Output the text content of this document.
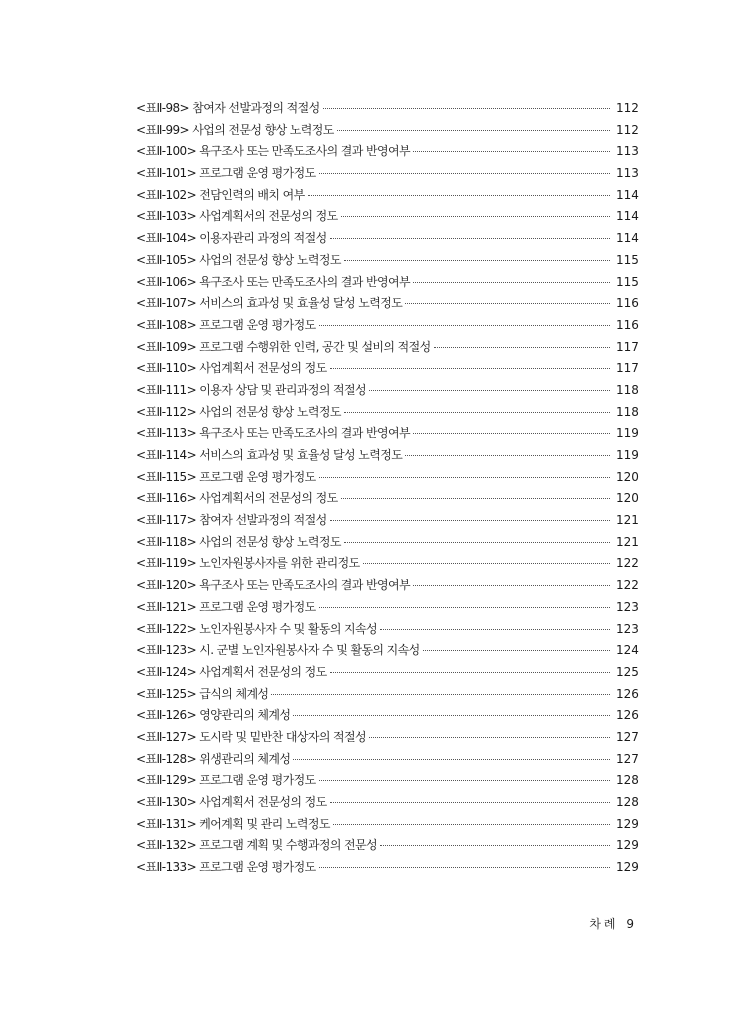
<표Ⅱ-98> 참여자 선발과정의 적절성	112
<표Ⅱ-99> 사업의 전문성 향상 노력정도	112
<표Ⅱ-100> 욕구조사 또는 만족도조사의 결과 반영여부	113
<표Ⅱ-101> 프로그램 운영 평가정도	113
<표Ⅱ-102> 전담인력의 배치 여부	114
<표Ⅱ-103> 사업계획서의 전문성의 정도	114
<표Ⅱ-104> 이용자관리 과정의 적절성	114
<표Ⅱ-105> 사업의 전문성 향상 노력정도	115
<표Ⅱ-106> 욕구조사 또는 만족도조사의 결과 반영여부	115
<표Ⅱ-107> 서비스의 효과성 및 효율성 달성 노력정도	116
<표Ⅱ-108> 프로그램 운영 평가정도	116
<표Ⅱ-109> 프로그램 수행위한 인력, 공간 및 설비의 적절성	117
<표Ⅱ-110> 사업계획서 전문성의 정도	117
<표Ⅱ-111> 이용자 상담 및 관리과정의 적절성	118
<표Ⅱ-112> 사업의 전문성 향상 노력정도	118
<표Ⅱ-113> 욕구조사 또는 만족도조사의 결과 반영여부	119
<표Ⅱ-114> 서비스의 효과성 및 효율성 달성 노력정도	119
<표Ⅱ-115> 프로그램 운영 평가정도	120
<표Ⅱ-116> 사업계획서의 전문성의 정도	120
<표Ⅱ-117> 참여자 선발과정의 적절성	121
<표Ⅱ-118> 사업의 전문성 향상 노력정도	121
<표Ⅱ-119> 노인자원봉사자를 위한 관리정도	122
<표Ⅱ-120> 욕구조사 또는 만족도조사의 결과 반영여부	122
<표Ⅱ-121> 프로그램 운영 평가정도	123
<표Ⅱ-122> 노인자원봉사자 수 및 활동의 지속성	123
<표Ⅱ-123> 시. 군별 노인자원봉사자 수 및 활동의 지속성	124
<표Ⅱ-124> 사업계획서 전문성의 정도	125
<표Ⅱ-125> 급식의 체계성	126
<표Ⅱ-126> 영양관리의 체계성	126
<표Ⅱ-127> 도시락 및 밑반찬 대상자의 적절성	127
<표Ⅱ-128> 위생관리의 체계성	127
<표Ⅱ-129> 프로그램 운영 평가정도	128
<표Ⅱ-130> 사업계획서 전문성의 정도	128
<표Ⅱ-131> 케어계획 및 관리 노력정도	129
<표Ⅱ-132> 프로그램 계획 및 수행과정의 전문성	129
<표Ⅱ-133> 프로그램 운영 평가정도	129
차례 9
